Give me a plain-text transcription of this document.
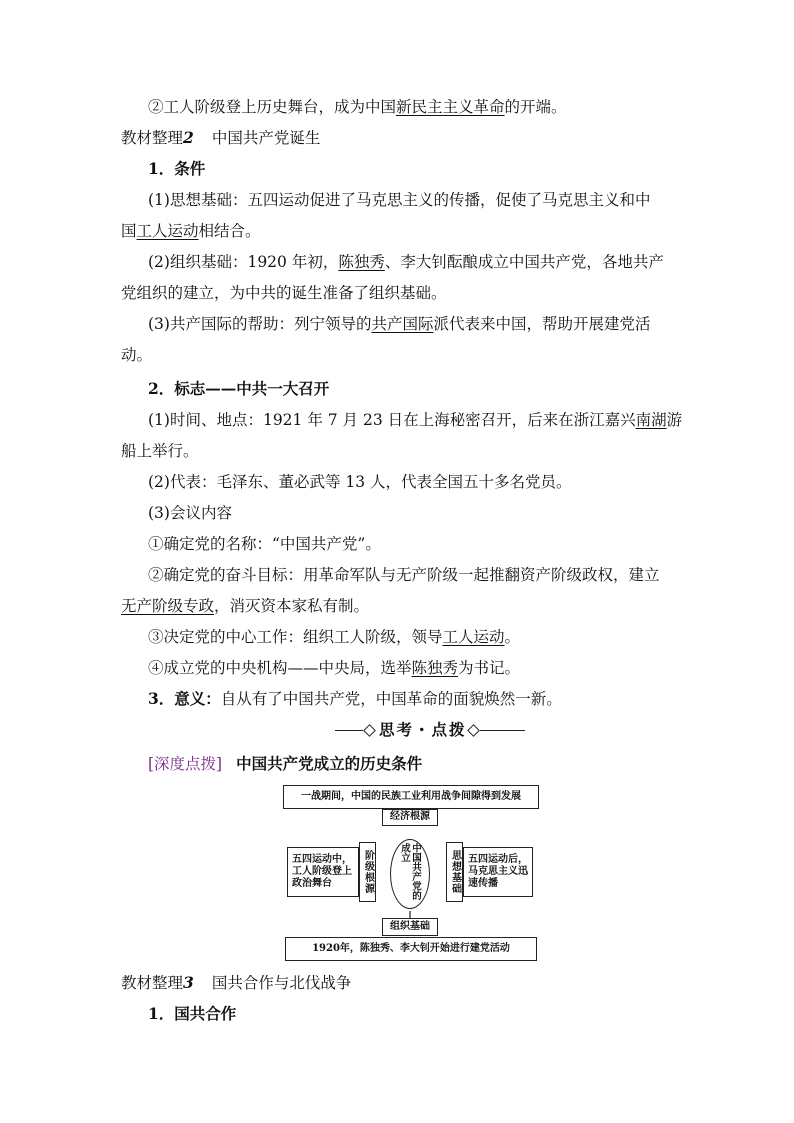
②工人阶级登上历史舞台，成为中国新民主主义革命的开端。
教材整理2 中国共产党诞生
1．条件
(1)思想基础：五四运动促进了马克思主义的传播，促使了马克思主义和中
国工人运动相结合。
(2)组织基础：1920 年初，陈独秀、李大钊酝酿成立中国共产党，各地共产
党组织的建立，为中共的诞生准备了组织基础。
(3)共产国际的帮助：列宁领导的共产国际派代表来中国，帮助开展建党活
动。
2．标志——中共一大召开
(1)时间、地点：1921 年 7 月 23 日在上海秘密召开，后来在浙江嘉兴南湖游
船上举行。
(2)代表：毛泽东、董必武等 13 人，代表全国五十多名党员。
(3)会议内容
①确定党的名称：“中国共产党”。
②确定党的奋斗目标：用革命军队与无产阶级一起推翻资产阶级政权，建立
无产阶级专政，消灭资本家私有制。
③决定党的中心工作：组织工人阶级，领导工人运动。
④成立党的中央机构——中央局，选举陈独秀为书记。
3．意义：自从有了中国共产党，中国革命的面貌焕然一新。
思考・点拨
[深度点拨] 中国共产党成立的历史条件
一战期间，中国的民族工业利用战争间隙得到发展
经济根源
中国共产党的成立
五四运动中，工人阶级登上政治舞台	阶级根源	思想基础 五四运动后，马克思主义迅速传播
组织基础
1920年，陈独秀、李大钊开始进行建党活动
教材整理3 国共合作与北伐战争
1．国共合作
